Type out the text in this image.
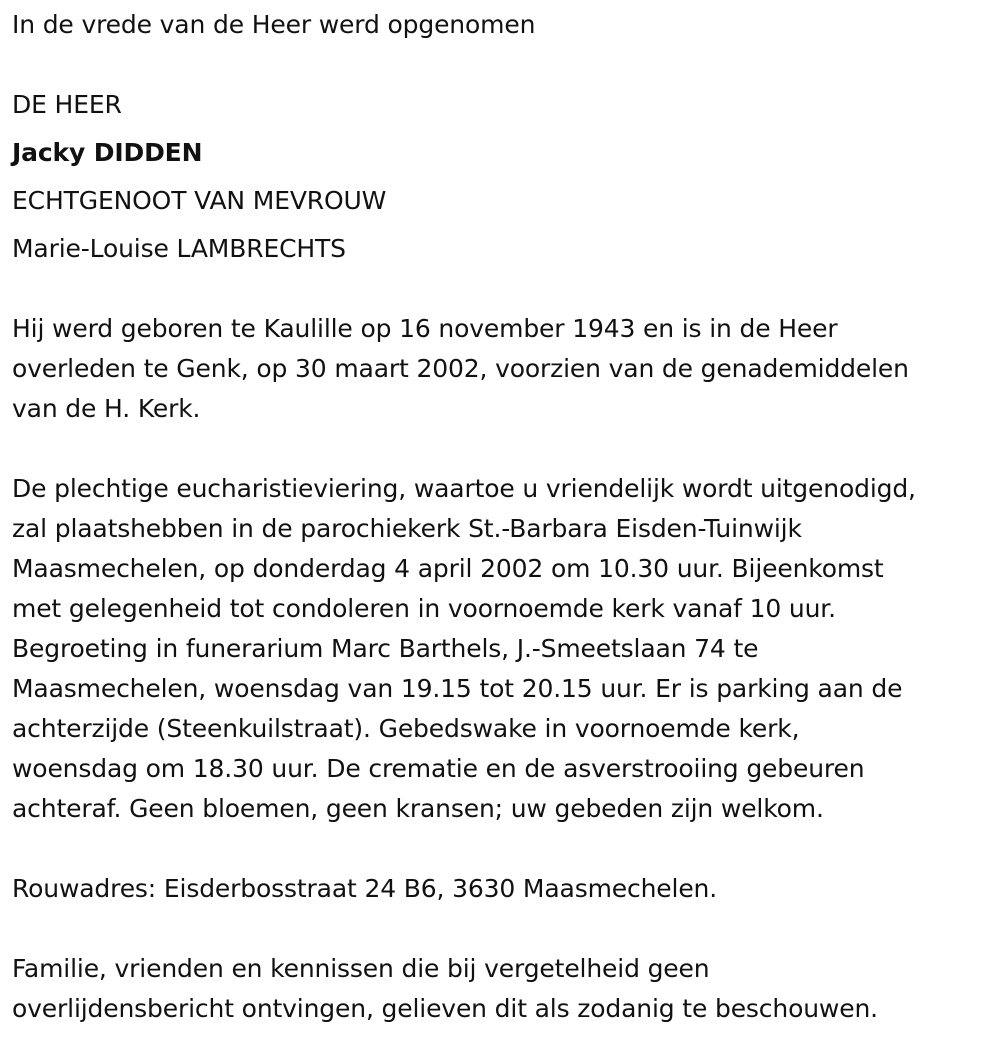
In de vrede van de Heer werd opgenomen
DE HEER
Jacky DIDDEN
ECHTGENOOT VAN MEVROUW
Marie-Louise LAMBRECHTS
Hij werd geboren te Kaulille op 16 november 1943 en is in de Heer
overleden te Genk, op 30 maart 2002, voorzien van de genademiddelen
van de H. Kerk.
De plechtige eucharistieviering, waartoe u vriendelijk wordt uitgenodigd,
zal plaatshebben in de parochiekerk St.-Barbara Eisden-Tuinwijk
Maasmechelen, op donderdag 4 april 2002 om 10.30 uur. Bijeenkomst
met gelegenheid tot condoleren in voornoemde kerk vanaf 10 uur.
Begroeting in funerarium Marc Barthels, J.-Smeetslaan 74 te
Maasmechelen, woensdag van 19.15 tot 20.15 uur. Er is parking aan de
achterzijde (Steenkuilstraat). Gebedswake in voornoemde kerk,
woensdag om 18.30 uur. De crematie en de asverstrooiing gebeuren
achteraf. Geen bloemen, geen kransen; uw gebeden zijn welkom.
Rouwadres: Eisderbosstraat 24 B6, 3630 Maasmechelen.
Familie, vrienden en kennissen die bij vergetelheid geen
overlijdensbericht ontvingen, gelieven dit als zodanig te beschouwen.
